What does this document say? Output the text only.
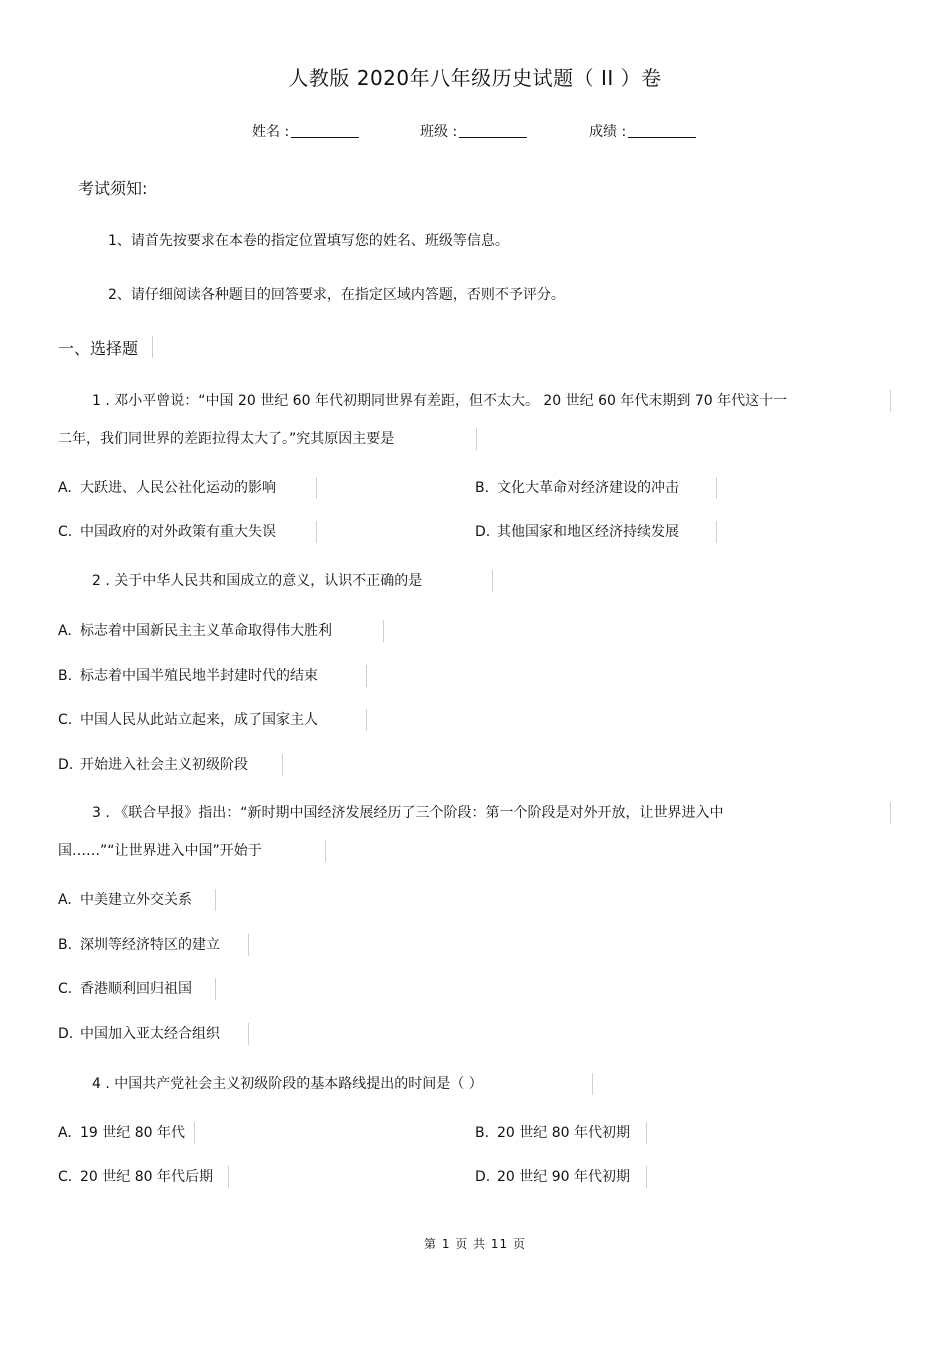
人教版 2020年八年级历史试题（ II ）卷
姓名 :	班级 :	成绩 :
考试须知:
1、请首先按要求在本卷的指定位置填写您的姓名、班级等信息。
2、请仔细阅读各种题目的回答要求，在指定区域内答题，否则不予评分。
一、选择题
1 . 邓小平曾说：“中国 20 世纪 60 年代初期同世界有差距，但不太大。 20 世纪 60 年代末期到 70 年代这十一
二年，我们同世界的差距拉得太大了。”究其原因主要是
A. 大跃进、人民公社化运动的影响	B. 文化大革命对经济建设的冲击
C. 中国政府的对外政策有重大失误	D. 其他国家和地区经济持续发展
2 . 关于中华人民共和国成立的意义，认识不正确的是
A. 标志着中国新民主主义革命取得伟大胜利
B. 标志着中国半殖民地半封建时代的结束
C. 中国人民从此站立起来，成了国家主人
D. 开始进入社会主义初级阶段
3 . 《联合早报》指出：“新时期中国经济发展经历了三个阶段：第一个阶段是对外开放，让世界进入中
国……”“让世界进入中国”开始于
A. 中美建立外交关系
B. 深圳等经济特区的建立
C. 香港顺利回归祖国
D. 中国加入亚太经合组织
4 . 中国共产党社会主义初级阶段的基本路线提出的时间是（ ）
A. 19 世纪 80 年代	B. 20 世纪 80 年代初期
C. 20 世纪 80 年代后期	D. 20 世纪 90 年代初期
第 1 页 共 11 页
